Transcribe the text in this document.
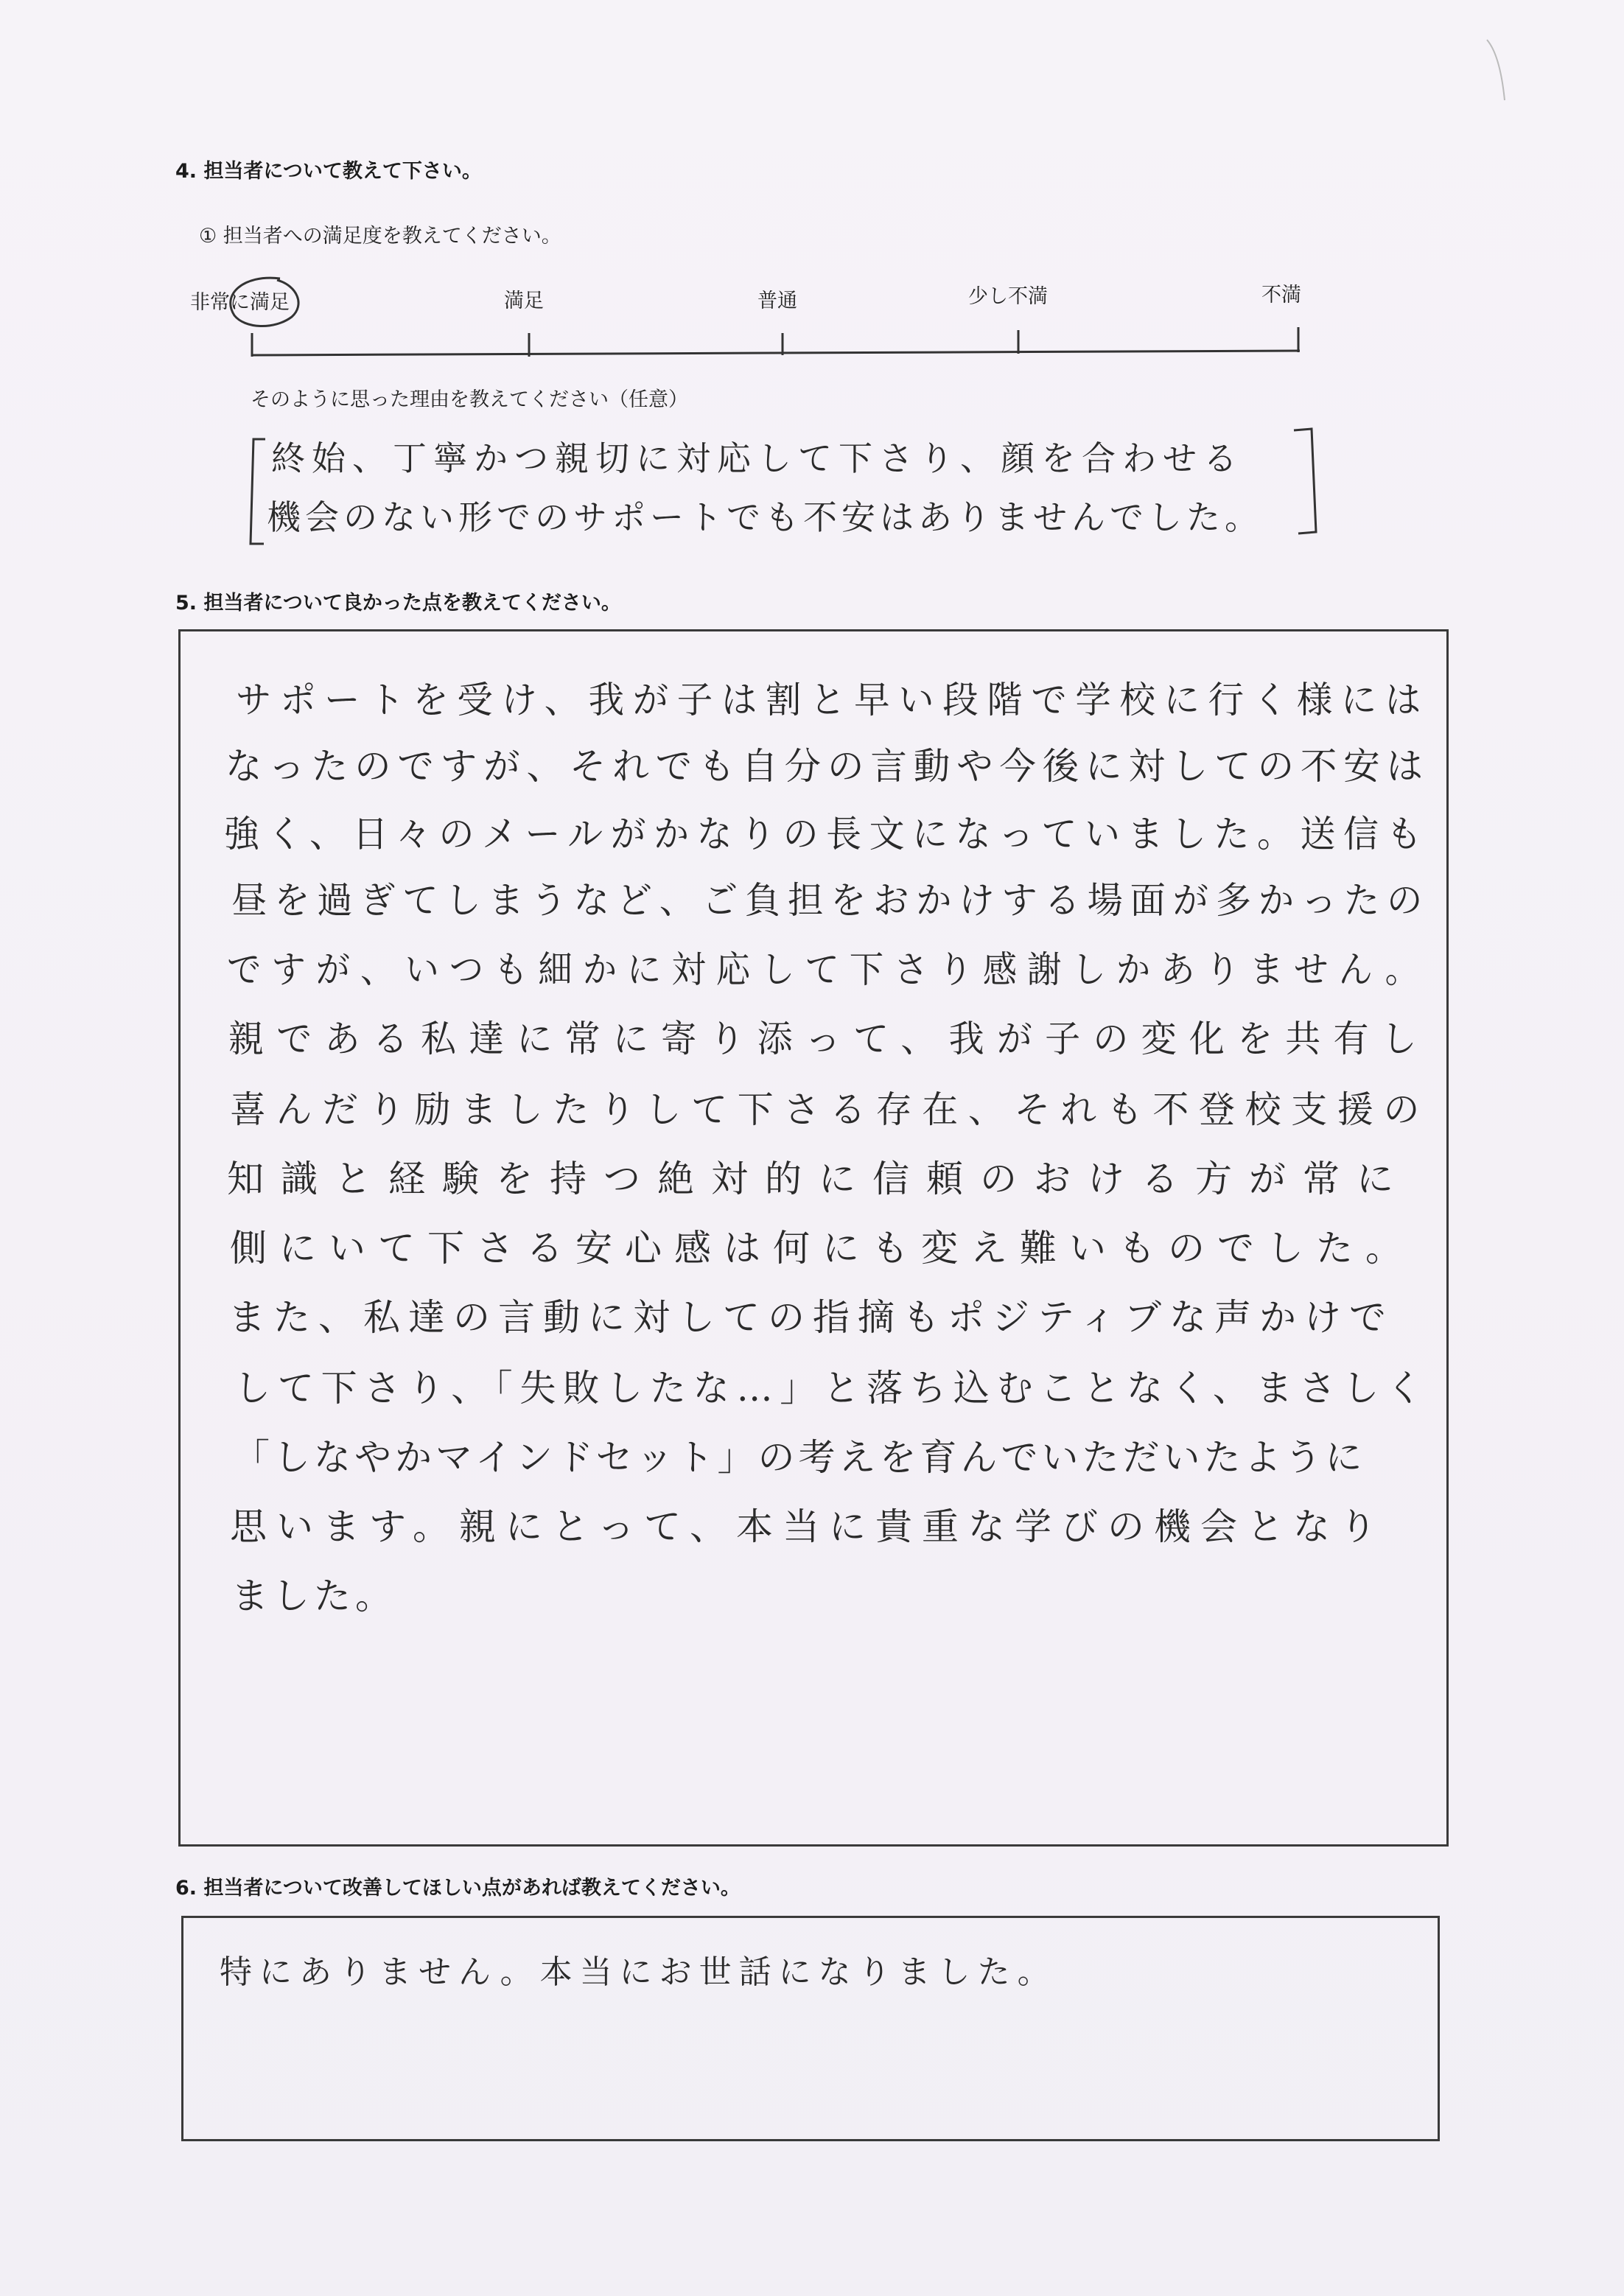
4. 担当者について教えて下さい。
① 担当者への満足度を教えてください。
非常に満足	満足	普通	少し不満	不満
そのように思った理由を教えてください（任意）
終始、丁寧かつ親切に対応して下さり、顔を合わせる
機会のない形でのサポートでも不安はありませんでした。
5. 担当者について良かった点を教えてください。
サポートを受け、我が子は割と早い段階で学校に行く様には
なったのですが、それでも自分の言動や今後に対しての不安は
強く、日々のメールがかなりの長文になっていました。送信も
昼を過ぎてしまうなど、ご負担をおかけする場面が多かったの
ですが、いつも細かに対応して下さり感謝しかありません。
親である私達に常に寄り添って、我が子の変化を共有し
喜んだり励ましたりして下さる存在、それも不登校支援の
知識と経験を持つ絶対的に信頼のおける方が常に
側にいて下さる安心感は何にも変え難いものでした。
また、私達の言動に対しての指摘もポジティブな声かけで
して下さり、「失敗したな…」と落ち込むことなく、まさしく
「しなやかマインドセット」の考えを育んでいただいたように
思います。親にとって、本当に貴重な学びの機会となり
ました。
6. 担当者について改善してほしい点があれば教えてください。
特にありません。本当にお世話になりました。
